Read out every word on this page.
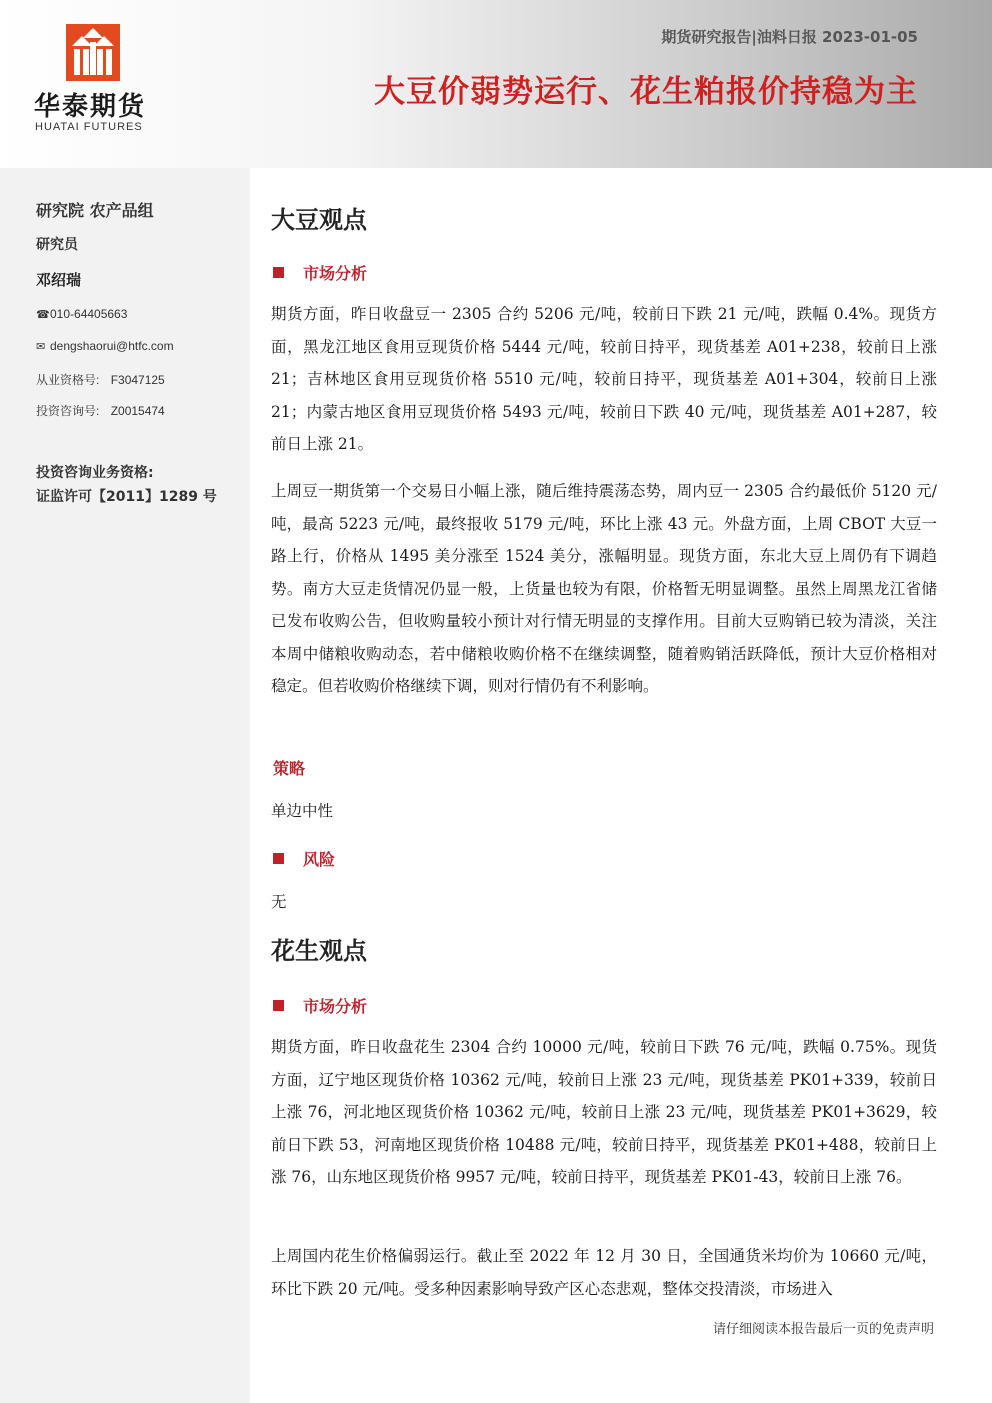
华泰期货
HUATAI FUTURES
期货研究报告|油料日报 2023-01-05
大豆价弱势运行、花生粕报价持稳为主
研究院 农产品组
研究员
邓绍瑞
☎010-64405663
✉ dengshaorui@htfc.com
从业资格号: F3047125
投资咨询号: Z0015474
投资咨询业务资格:
证监许可【2011】1289 号
大豆观点
市场分析
期货方面，昨日收盘豆一 2305 合约 5206 元/吨，较前日下跌 21 元/吨，跌幅 0.4%。现货方面，黑龙江地区食用豆现货价格 5444 元/吨，较前日持平，现货基差 A01+238，较前日上涨 21；吉林地区食用豆现货价格 5510 元/吨，较前日持平，现货基差 A01+304，较前日上涨 21；内蒙古地区食用豆现货价格 5493 元/吨，较前日下跌 40 元/吨，现货基差 A01+287，较前日上涨 21。
上周豆一期货第一个交易日小幅上涨，随后维持震荡态势，周内豆一 2305 合约最低价 5120 元/吨，最高 5223 元/吨，最终报收 5179 元/吨，环比上涨 43 元。外盘方面，上周 CBOT 大豆一路上行，价格从 1495 美分涨至 1524 美分，涨幅明显。现货方面，东北大豆上周仍有下调趋势。南方大豆走货情况仍显一般，上货量也较为有限，价格暂无明显调整。虽然上周黑龙江省储已发布收购公告，但收购量较小预计对行情无明显的支撑作用。目前大豆购销已较为清淡，关注本周中储粮收购动态，若中储粮收购价格不在继续调整，随着购销活跃降低，预计大豆价格相对稳定。但若收购价格继续下调，则对行情仍有不利影响。
策略
单边中性
风险
无
花生观点
市场分析
期货方面，昨日收盘花生 2304 合约 10000 元/吨，较前日下跌 76 元/吨，跌幅 0.75%。现货方面，辽宁地区现货价格 10362 元/吨，较前日上涨 23 元/吨，现货基差 PK01+339，较前日上涨 76，河北地区现货价格 10362 元/吨，较前日上涨 23 元/吨，现货基差 PK01+3629，较前日下跌 53，河南地区现货价格 10488 元/吨，较前日持平，现货基差 PK01+488，较前日上涨 76，山东地区现货价格 9957 元/吨，较前日持平，现货基差 PK01-43，较前日上涨 76。
上周国内花生价格偏弱运行。截止至 2022 年 12 月 30 日，全国通货米均价为 10660 元/吨，环比下跌 20 元/吨。受多种因素影响导致产区心态悲观，整体交投清淡，市场进入
请仔细阅读本报告最后一页的免责声明
